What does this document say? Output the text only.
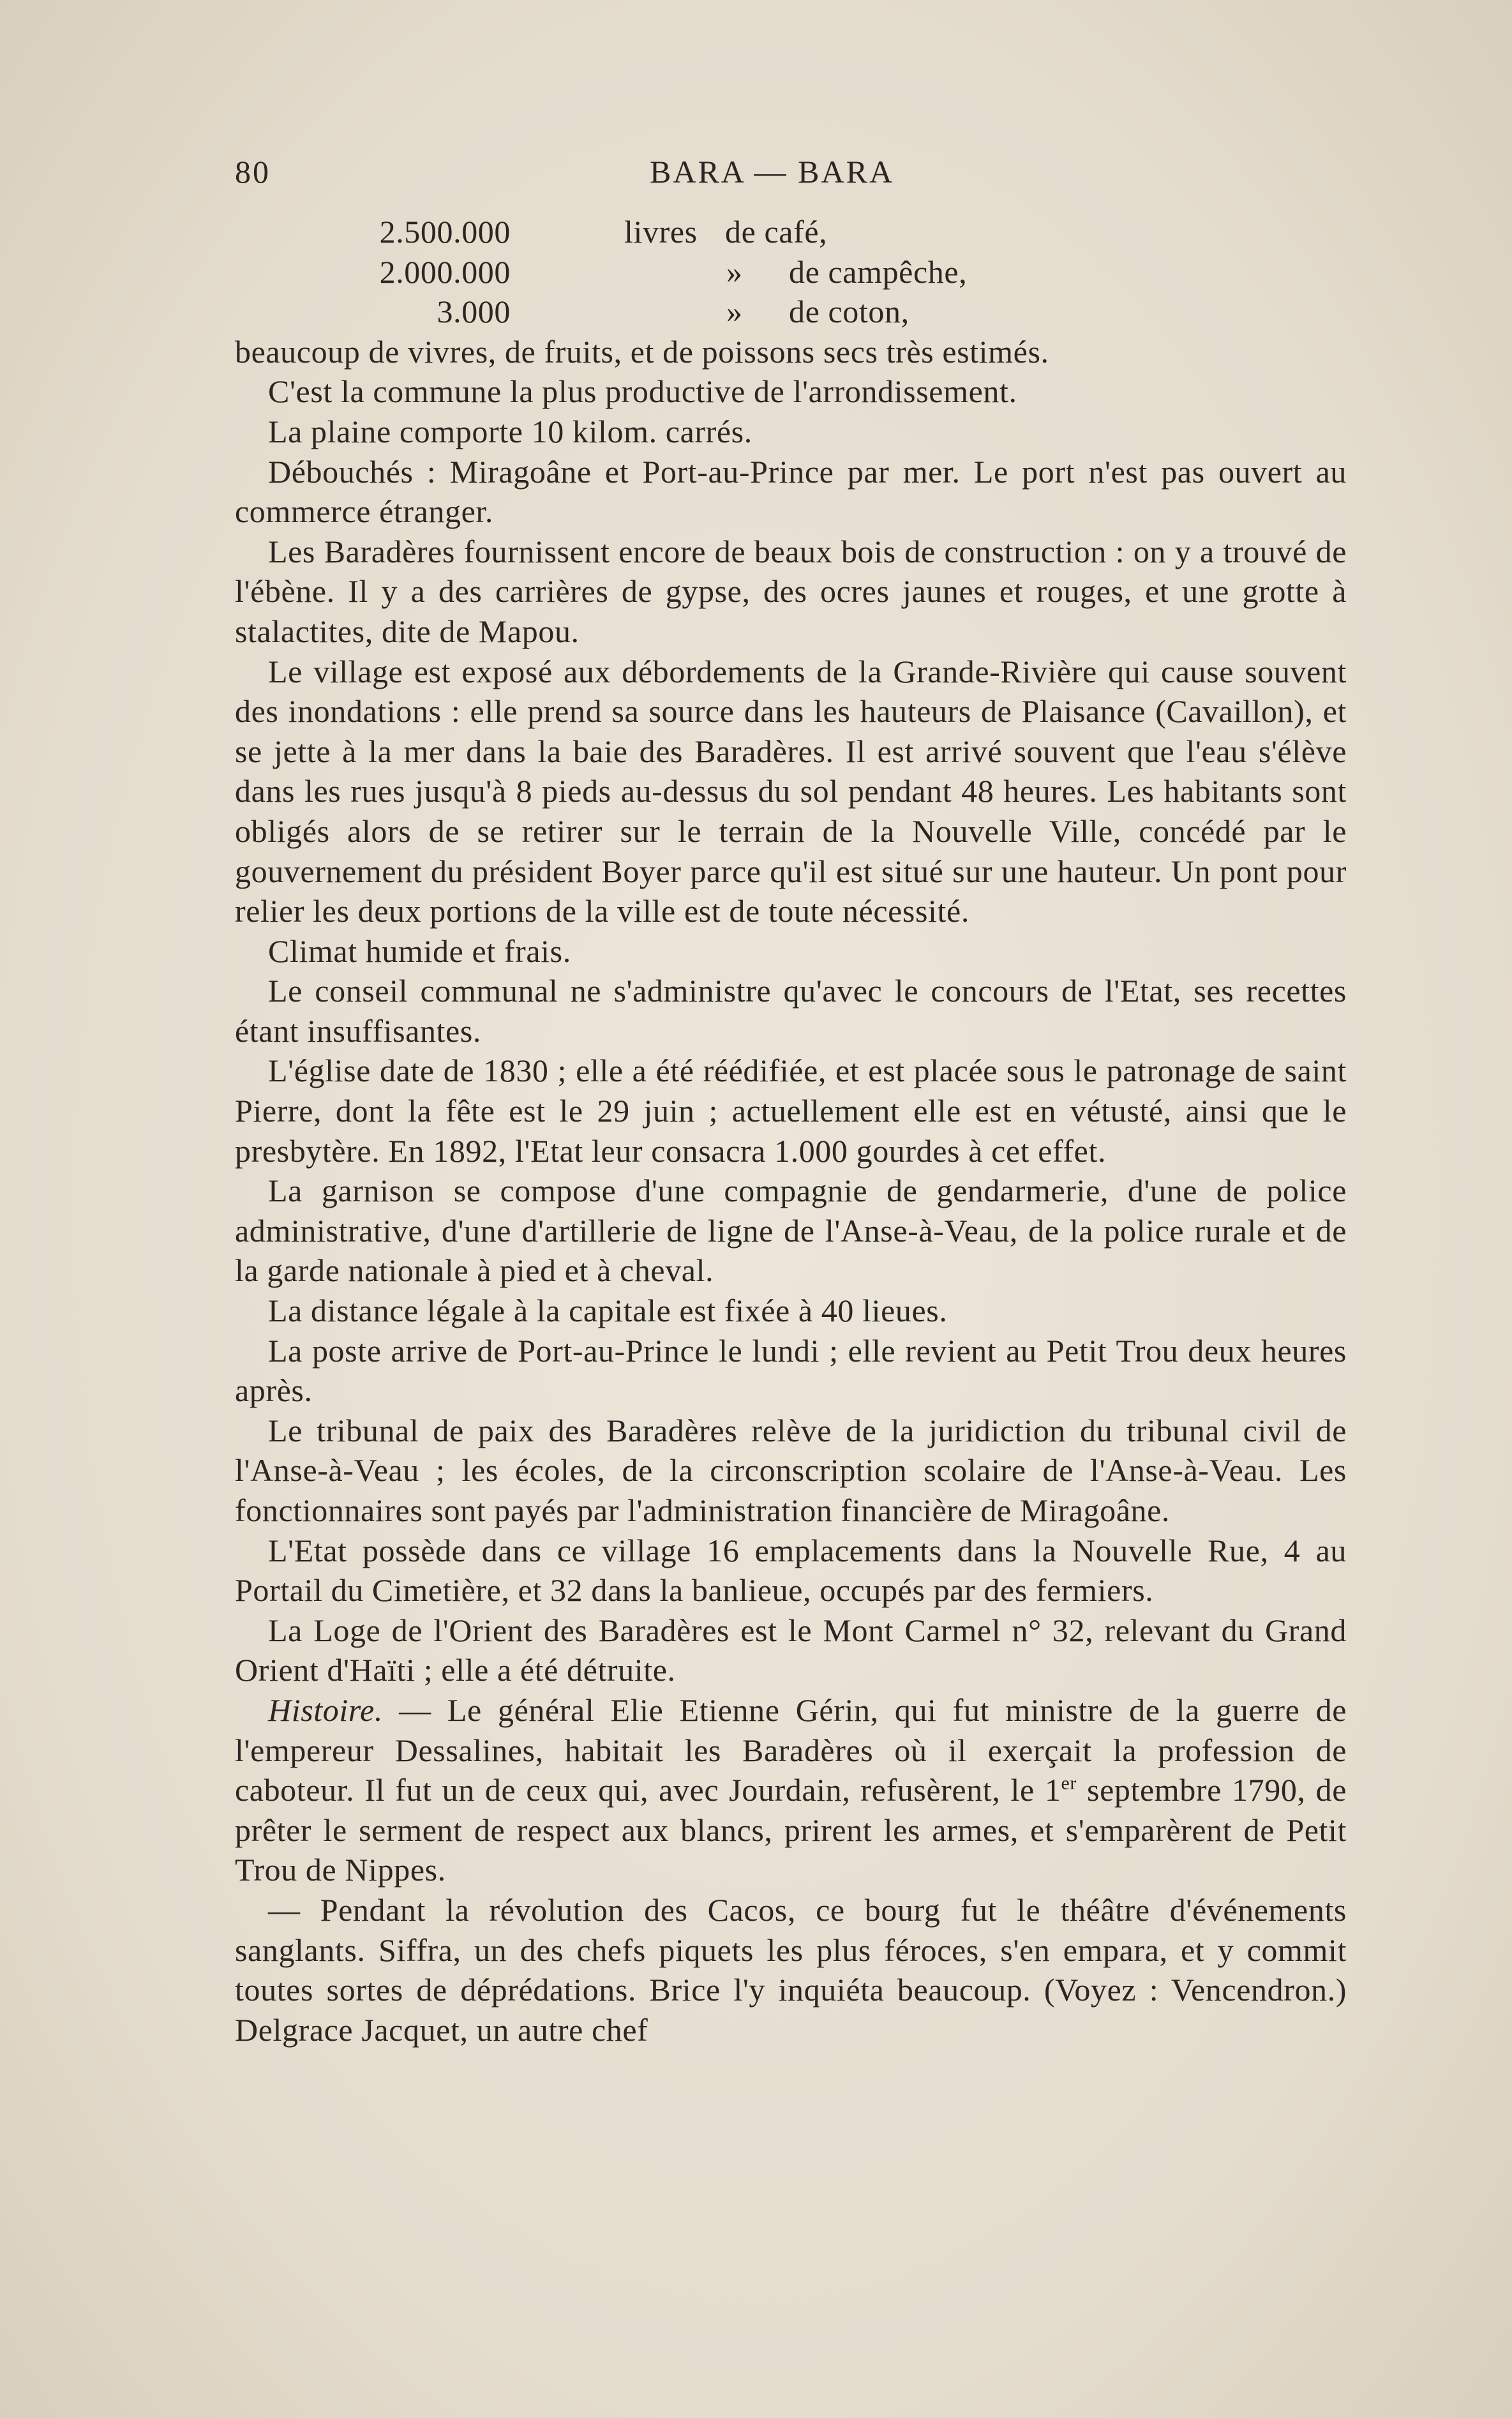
80	BARA — BARA
2.500.000	livres de café,
2.000.000	» de campêche,
3.000	» de coton,

beaucoup de vivres, de fruits, et de poissons secs très estimés.

C'est la commune la plus productive de l'arrondissement.

La plaine comporte 10 kilom. carrés.

Débouchés : Miragoâne et Port-au-Prince par mer. Le port n'est pas ouvert au commerce étranger.

Les Baradères fournissent encore de beaux bois de construction : on y a trouvé de l'ébène. Il y a des carrières de gypse, des ocres jaunes et rouges, et une grotte à stalactites, dite de Mapou.

Le village est exposé aux débordements de la Grande-Rivière qui cause souvent des inondations : elle prend sa source dans les hauteurs de Plaisance (Cavaillon), et se jette à la mer dans la baie des Baradères. Il est arrivé souvent que l'eau s'élève dans les rues jusqu'à 8 pieds au-dessus du sol pendant 48 heures. Les habitants sont obligés alors de se retirer sur le terrain de la Nouvelle Ville, concédé par le gouvernement du président Boyer parce qu'il est situé sur une hauteur. Un pont pour relier les deux portions de la ville est de toute nécessité.

Climat humide et frais.

Le conseil communal ne s'administre qu'avec le concours de l'Etat, ses recettes étant insuffisantes.

L'église date de 1830 ; elle a été réédifiée, et est placée sous le patronage de saint Pierre, dont la fête est le 29 juin ; actuellement elle est en vétusté, ainsi que le presbytère. En 1892, l'Etat leur consacra 1.000 gourdes à cet effet.

La garnison se compose d'une compagnie de gendarmerie, d'une de police administrative, d'une d'artillerie de ligne de l'Anse-à-Veau, de la police rurale et de la garde nationale à pied et à cheval.

La distance légale à la capitale est fixée à 40 lieues.

La poste arrive de Port-au-Prince le lundi ; elle revient au Petit Trou deux heures après.

Le tribunal de paix des Baradères relève de la juridiction du tribunal civil de l'Anse-à-Veau ; les écoles, de la circonscription scolaire de l'Anse-à-Veau. Les fonctionnaires sont payés par l'administration financière de Miragoâne.

L'Etat possède dans ce village 16 emplacements dans la Nouvelle Rue, 4 au Portail du Cimetière, et 32 dans la banlieue, occupés par des fermiers.

La Loge de l'Orient des Baradères est le Mont Carmel n° 32, relevant du Grand Orient d'Haïti ; elle a été détruite.

Histoire. — Le général Elie Etienne Gérin, qui fut ministre de la guerre de l'empereur Dessalines, habitait les Baradères où il exerçait la profession de caboteur. Il fut un de ceux qui, avec Jourdain, refusèrent, le 1er septembre 1790, de prêter le serment de respect aux blancs, prirent les armes, et s'emparèrent de Petit Trou de Nippes.

— Pendant la révolution des Cacos, ce bourg fut le théâtre d'événements sanglants. Siffra, un des chefs piquets les plus féroces, s'en empara, et y commit toutes sortes de déprédations. Brice l'y inquiéta beaucoup. (Voyez : Vencendron.) Delgrace Jacquet, un autre chef
